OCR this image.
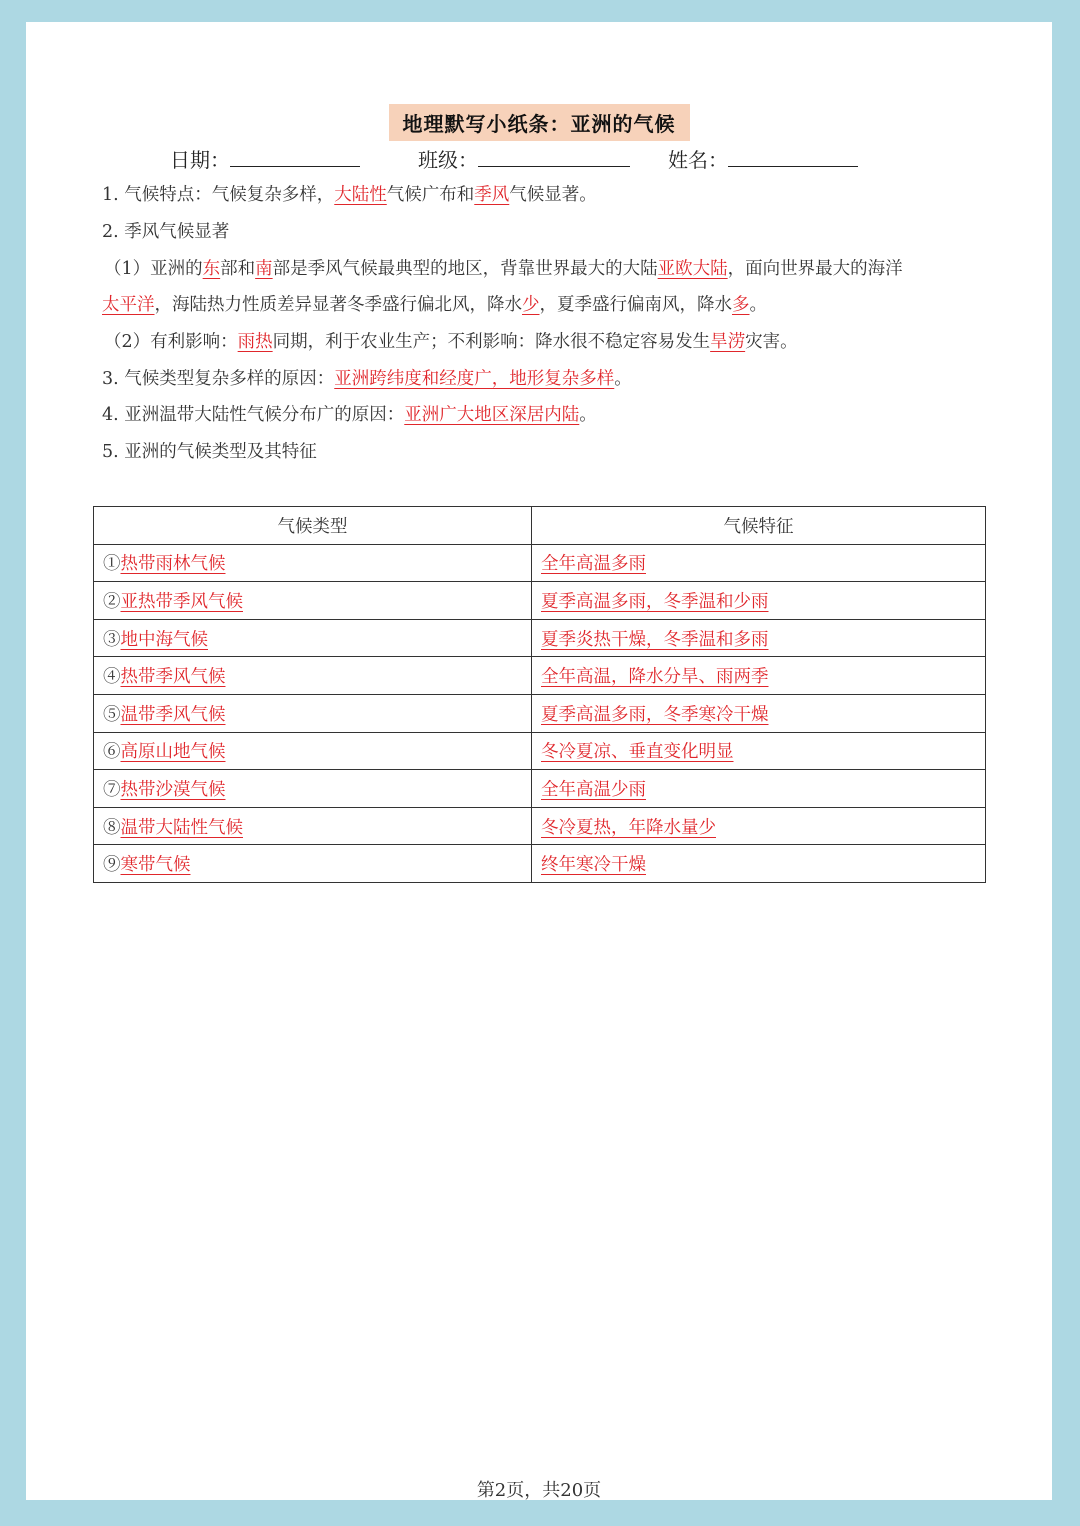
地理默写小纸条：亚洲的气候
日期：	班级：	姓名：
1. 气候特点：气候复杂多样，大陆性气候广布和季风气候显著。
2. 季风气候显著
（1）亚洲的东部和南部是季风气候最典型的地区，背靠世界最大的大陆亚欧大陆，面向世界最大的海洋
太平洋，海陆热力性质差异显著冬季盛行偏北风，降水少，夏季盛行偏南风，降水多。
（2）有利影响：雨热同期，利于农业生产；不利影响：降水很不稳定容易发生旱涝灾害。
3. 气候类型复杂多样的原因：亚洲跨纬度和经度广，地形复杂多样。
4. 亚洲温带大陆性气候分布广的原因：亚洲广大地区深居内陆。
5. 亚洲的气候类型及其特征
气候类型	气候特征
①热带雨林气候	全年高温多雨
②亚热带季风气候	夏季高温多雨，冬季温和少雨
③地中海气候	夏季炎热干燥，冬季温和多雨
④热带季风气候	全年高温，降水分旱、雨两季
⑤温带季风气候	夏季高温多雨，冬季寒冷干燥
⑥高原山地气候	冬冷夏凉、垂直变化明显
⑦热带沙漠气候	全年高温少雨
⑧温带大陆性气候	冬冷夏热，年降水量少
⑨寒带气候	终年寒冷干燥
第2页，共20页
